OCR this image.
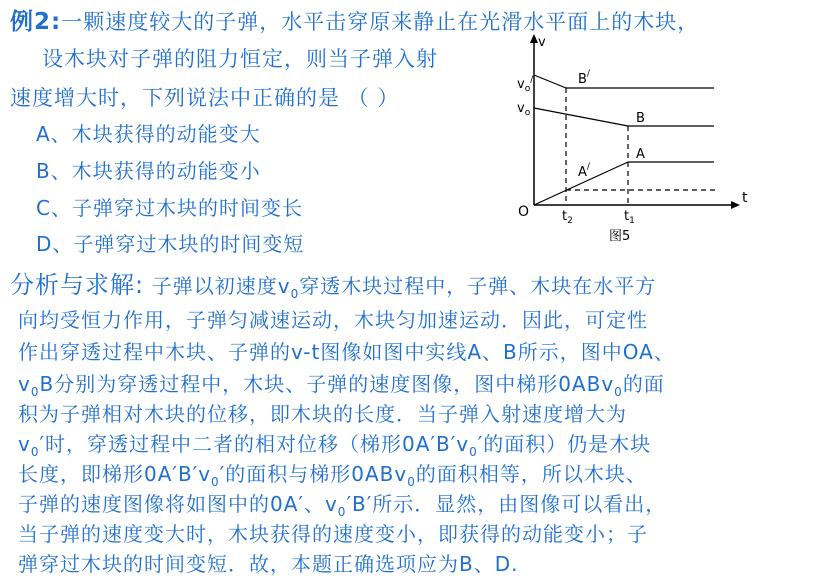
例2:一颗速度较大的子弹，水平击穿原来静止在光滑水平面上的木块，
设木块对子弹的阻力恒定，则当子弹入射
速度增大时，下列说法中正确的是 （ ）
A、木块获得的动能变大
B、木块获得的动能变小
C、子弹穿过木块的时间变长
D、子弹穿过木块的时间变短
v
t
O
$v_o^/$
$v_o$
B/
B
A/
A
$t_2$	$t_1$
图5
分析与求解: 子弹以初速度$v_0$穿透木块过程中，子弹、木块在水平方
向均受恒力作用，子弹匀减速运动，木块匀加速运动．因此，可定性
作出穿透过程中木块、子弹的v-t图像如图中实线A、B所示，图中OA、
$v_0B$分别为穿透过程中，木块、子弹的速度图像，图中梯形0ABv$_0$的面
积为子弹相对木块的位移，即木块的长度．当子弹入射速度增大为
$v_0'$时，穿透过程中二者的相对位移（梯形$0A'B'v_0'$的面积）仍是木块
长度，即梯形$0A'B'v_0'$的面积与梯形0ABv$_0$的面积相等，所以木块、
子弹的速度图像将如图中的0A′、$v_0'B'$所示．显然，由图像可以看出，
当子弹的速度变大时，木块获得的速度变小，即获得的动能变小；子
弹穿过木块的时间变短．故，本题正确选项应为B、D.
